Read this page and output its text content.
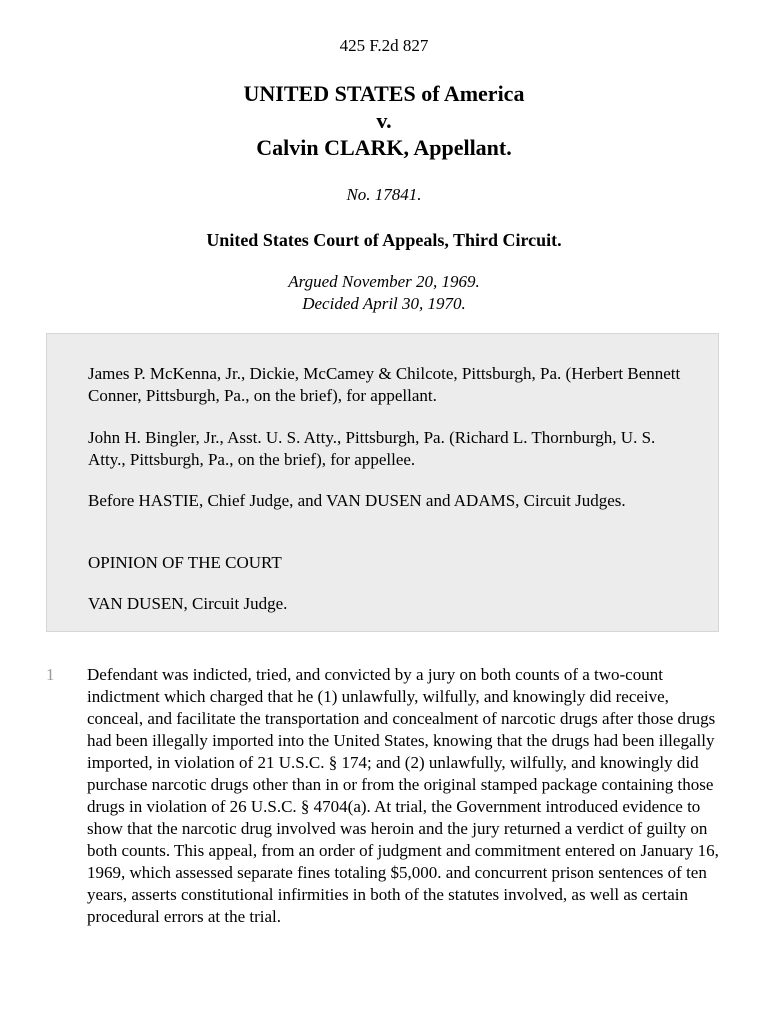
425 F.2d 827
UNITED STATES of America
v.
Calvin CLARK, Appellant.
No. 17841.
United States Court of Appeals, Third Circuit.
Argued November 20, 1969.
Decided April 30, 1970.

James P. McKenna, Jr., Dickie, McCamey & Chilcote, Pittsburgh, Pa. (Herbert Bennett Conner, Pittsburgh, Pa., on the brief), for appellant.

John H. Bingler, Jr., Asst. U. S. Atty., Pittsburgh, Pa. (Richard L. Thornburgh, U. S. Atty., Pittsburgh, Pa., on the brief), for appellee.

Before HASTIE, Chief Judge, and VAN DUSEN and ADAMS, Circuit Judges.

OPINION OF THE COURT

VAN DUSEN, Circuit Judge.

1 Defendant was indicted, tried, and convicted by a jury on both counts of a two-count indictment which charged that he (1) unlawfully, wilfully, and knowingly did receive, conceal, and facilitate the transportation and concealment of narcotic drugs after those drugs had been illegally imported into the United States, knowing that the drugs had been illegally imported, in violation of 21 U.S.C. § 174; and (2) unlawfully, wilfully, and knowingly did purchase narcotic drugs other than in or from the original stamped package containing those drugs in violation of 26 U.S.C. § 4704(a). At trial, the Government introduced evidence to show that the narcotic drug involved was heroin and the jury returned a verdict of guilty on both counts. This appeal, from an order of judgment and commitment entered on January 16, 1969, which assessed separate fines totaling $5,000. and concurrent prison sentences of ten years, asserts constitutional infirmities in both of the statutes involved, as well as certain procedural errors at the trial.
